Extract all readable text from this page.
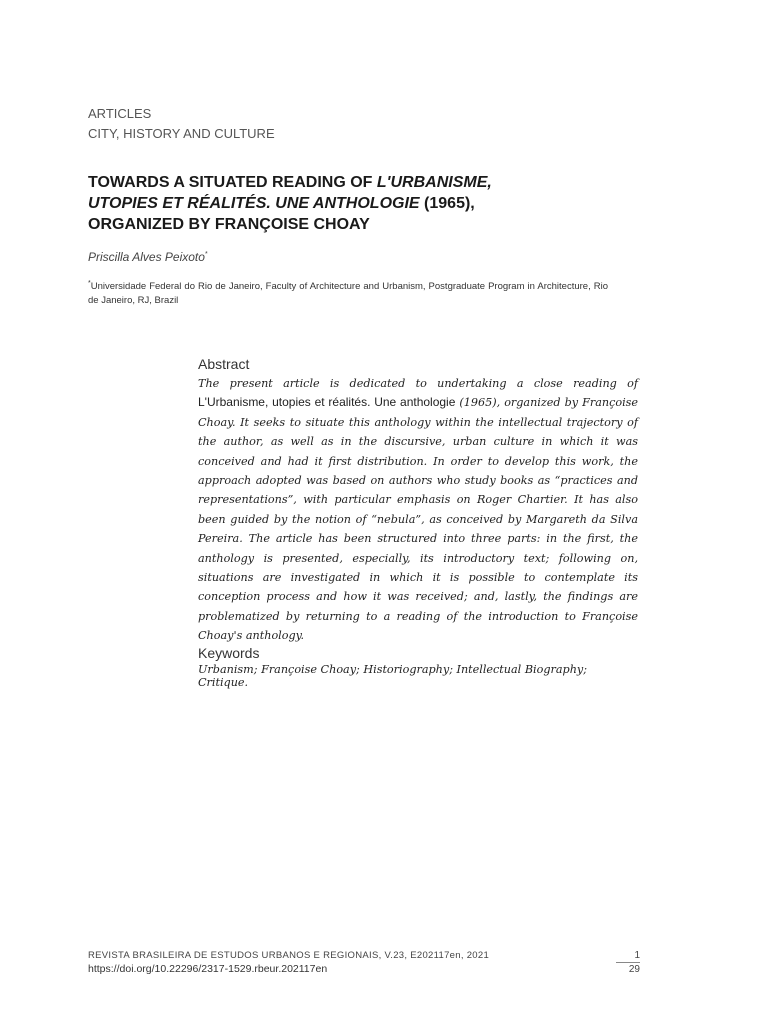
ARTICLES
CITY, HISTORY AND CULTURE
TOWARDS A SITUATED READING OF L'URBANISME,
UTOPIES ET RÉALITÉS. UNE ANTHOLOGIE (1965),
ORGANIZED BY FRANÇOISE CHOAY
Priscilla Alves Peixoto*
*Universidade Federal do Rio de Janeiro, Faculty of Architecture and Urbanism, Postgraduate Program in Architecture, Rio de Janeiro, RJ, Brazil
Abstract

The present article is dedicated to undertaking a close reading of L'Urbanisme, utopies et réalités. Une anthologie (1965), organized by Françoise Choay. It seeks to situate this anthology within the intellectual trajectory of the author, as well as in the discursive, urban culture in which it was conceived and had it first distribution. In order to develop this work, the approach adopted was based on authors who study books as “practices and representations”, with particular emphasis on Roger Chartier. It has also been guided by the notion of “nebula”, as conceived by Margareth da Silva Pereira. The article has been structured into three parts: in the first, the anthology is presented, especially, its introductory text; following on, situations are investigated in which it is possible to contemplate its conception process and how it was received; and, lastly, the findings are problematized by returning to a reading of the introduction to Françoise Choay's anthology.

Keywords
Urbanism; Françoise Choay; Historiography; Intellectual Biography; Critique.
REVISTA BRASILEIRA DE ESTUDOS URBANOS E REGIONAIS, V.23, E202117en, 2021
https://doi.org/10.22296/2317-1529.rbeur.202117en
1
29
